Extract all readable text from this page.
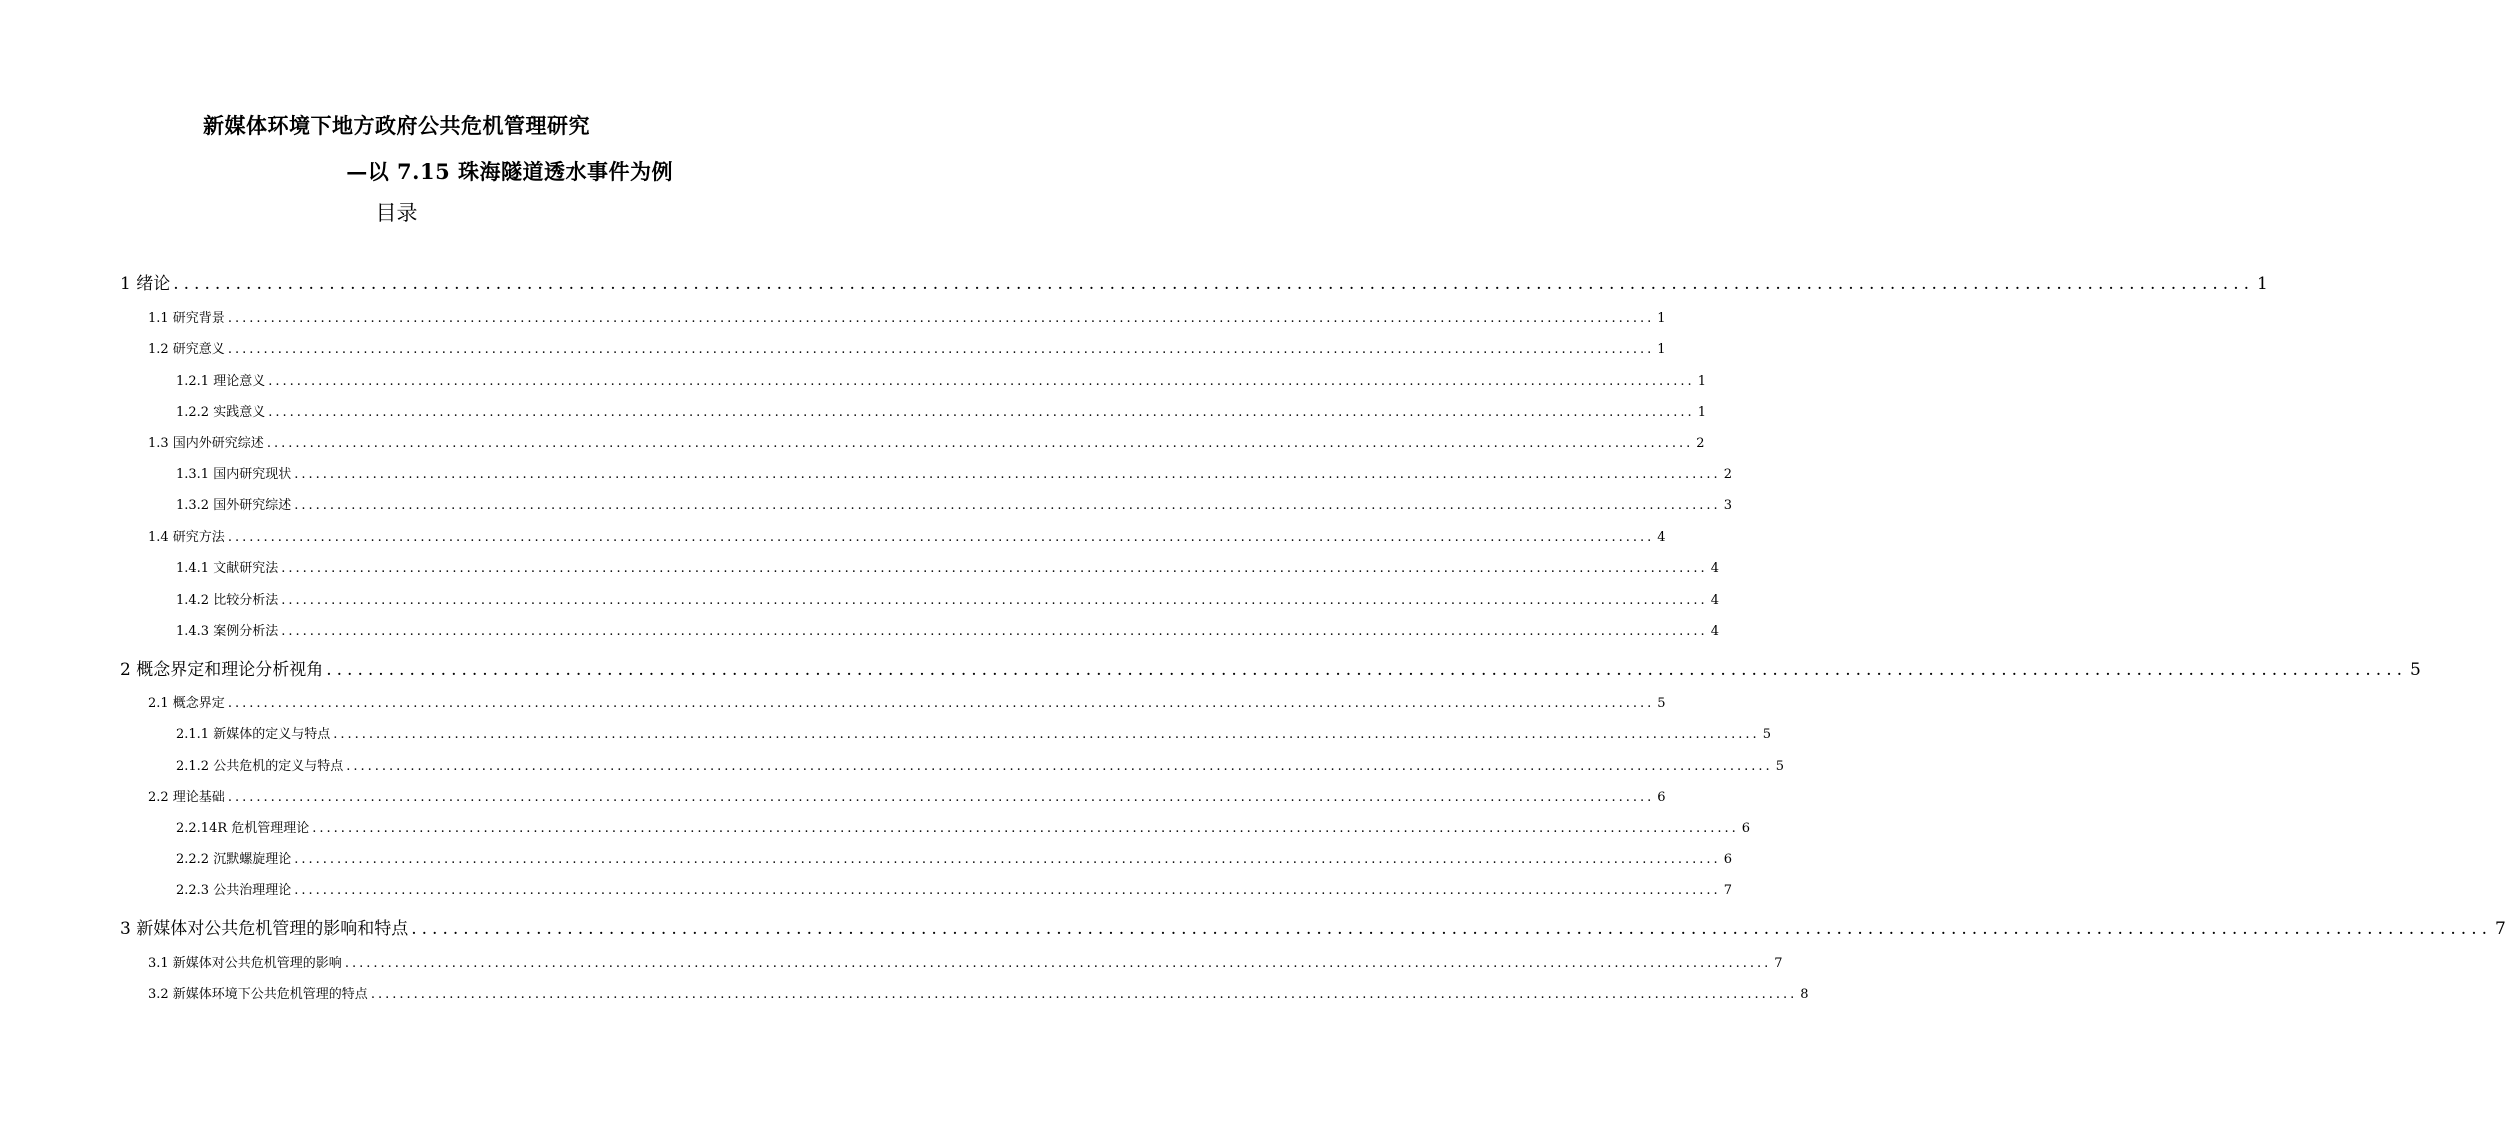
新媒体环境下地方政府公共危机管理研究
—以 7.15 珠海隧道透水事件为例
目录
1 绪论 ........................................................................................................................................................................................................ 1
1.1 研究背景 ........................................................................................................................................................................................................ 1
1.2 研究意义 ........................................................................................................................................................................................................ 1
1.2.1 理论意义 ........................................................................................................................................................................................................ 1
1.2.2 实践意义 ........................................................................................................................................................................................................ 1
1.3 国内外研究综述 ........................................................................................................................................................................................................ 2
1.3.1 国内研究现状 ........................................................................................................................................................................................................ 2
1.3.2 国外研究综述 ........................................................................................................................................................................................................ 3
1.4 研究方法 ........................................................................................................................................................................................................ 4
1.4.1 文献研究法 ........................................................................................................................................................................................................ 4
1.4.2 比较分析法 ........................................................................................................................................................................................................ 4
1.4.3 案例分析法 ........................................................................................................................................................................................................ 4
2 概念界定和理论分析视角 ........................................................................................................................................................................................................ 5
2.1 概念界定 ........................................................................................................................................................................................................ 5
2.1.1 新媒体的定义与特点 ........................................................................................................................................................................................................ 5
2.1.2 公共危机的定义与特点 ........................................................................................................................................................................................................ 5
2.2 理论基础 ........................................................................................................................................................................................................ 6
2.2.14R 危机管理理论 ........................................................................................................................................................................................................ 6
2.2.2 沉默螺旋理论 ........................................................................................................................................................................................................ 6
2.2.3 公共治理理论 ........................................................................................................................................................................................................ 7
3 新媒体对公共危机管理的影响和特点 ........................................................................................................................................................................................................ 7
3.1 新媒体对公共危机管理的影响 ........................................................................................................................................................................................................ 7
3.2 新媒体环境下公共危机管理的特点 ........................................................................................................................................................................................................ 8
